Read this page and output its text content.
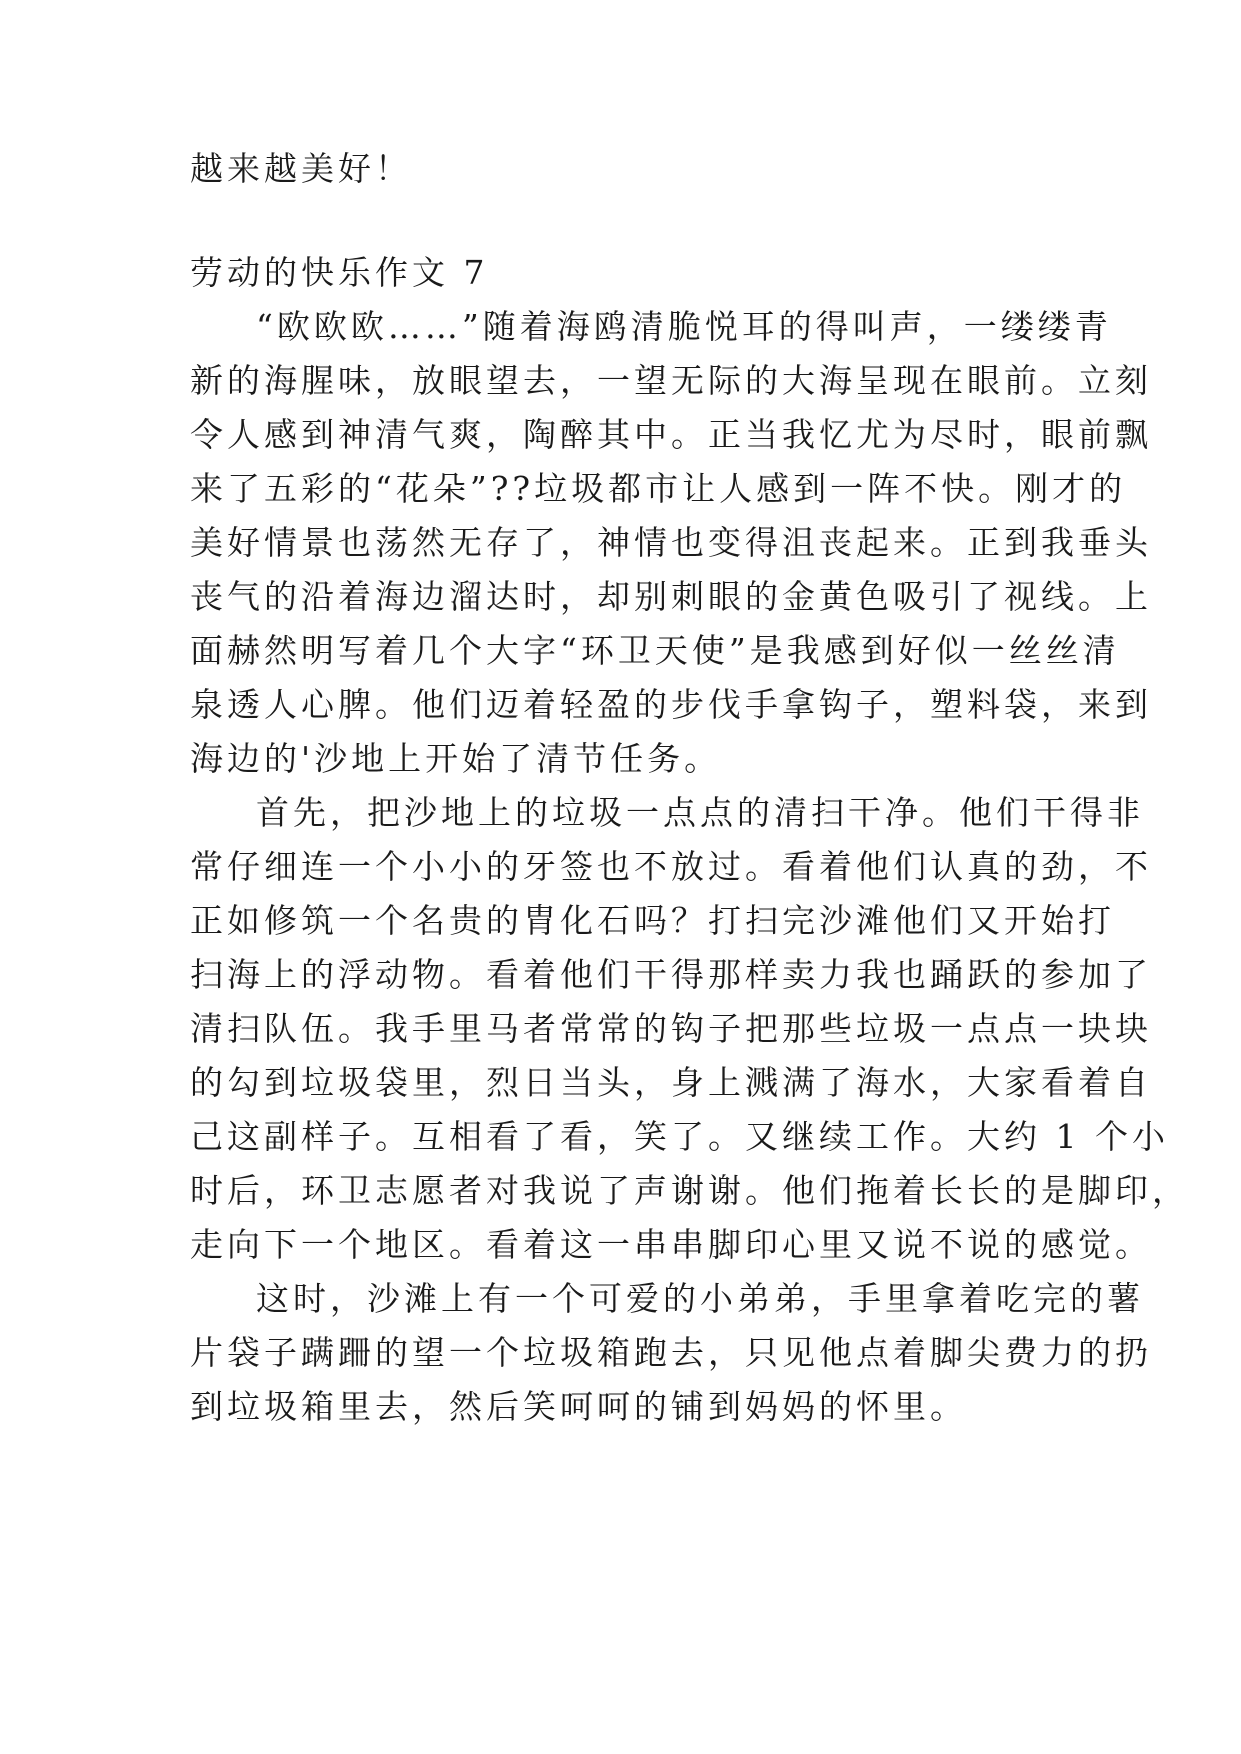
越来越美好！
劳动的快乐作文 7
“欧欧欧……”随着海鸥清脆悦耳的得叫声，一缕缕青
新的海腥味，放眼望去，一望无际的大海呈现在眼前。立刻
令人感到神清气爽，陶醉其中。正当我忆尤为尽时，眼前飘
来了五彩的“花朵”??垃圾都市让人感到一阵不快。刚才的
美好情景也荡然无存了，神情也变得沮丧起来。正到我垂头
丧气的沿着海边溜达时，却别刺眼的金黄色吸引了视线。上
面赫然明写着几个大字“环卫天使”是我感到好似一丝丝清
泉透人心脾。他们迈着轻盈的步伐手拿钩子，塑料袋，来到
海边的'沙地上开始了清节任务。
首先，把沙地上的垃圾一点点的清扫干净。他们干得非
常仔细连一个小小的牙签也不放过。看着他们认真的劲，不
正如修筑一个名贵的胄化石吗？打扫完沙滩他们又开始打
扫海上的浮动物。看着他们干得那样卖力我也踊跃的参加了
清扫队伍。我手里马者常常的钩子把那些垃圾一点点一块块
的勾到垃圾袋里，烈日当头，身上溅满了海水，大家看着自
己这副样子。互相看了看，笑了。又继续工作。大约 1 个小
时后，环卫志愿者对我说了声谢谢。他们拖着长长的是脚印，
走向下一个地区。看着这一串串脚印心里又说不说的感觉。
这时，沙滩上有一个可爱的小弟弟，手里拿着吃完的薯
片袋子蹒跚的望一个垃圾箱跑去，只见他点着脚尖费力的扔
到垃圾箱里去，然后笑呵呵的铺到妈妈的怀里。
